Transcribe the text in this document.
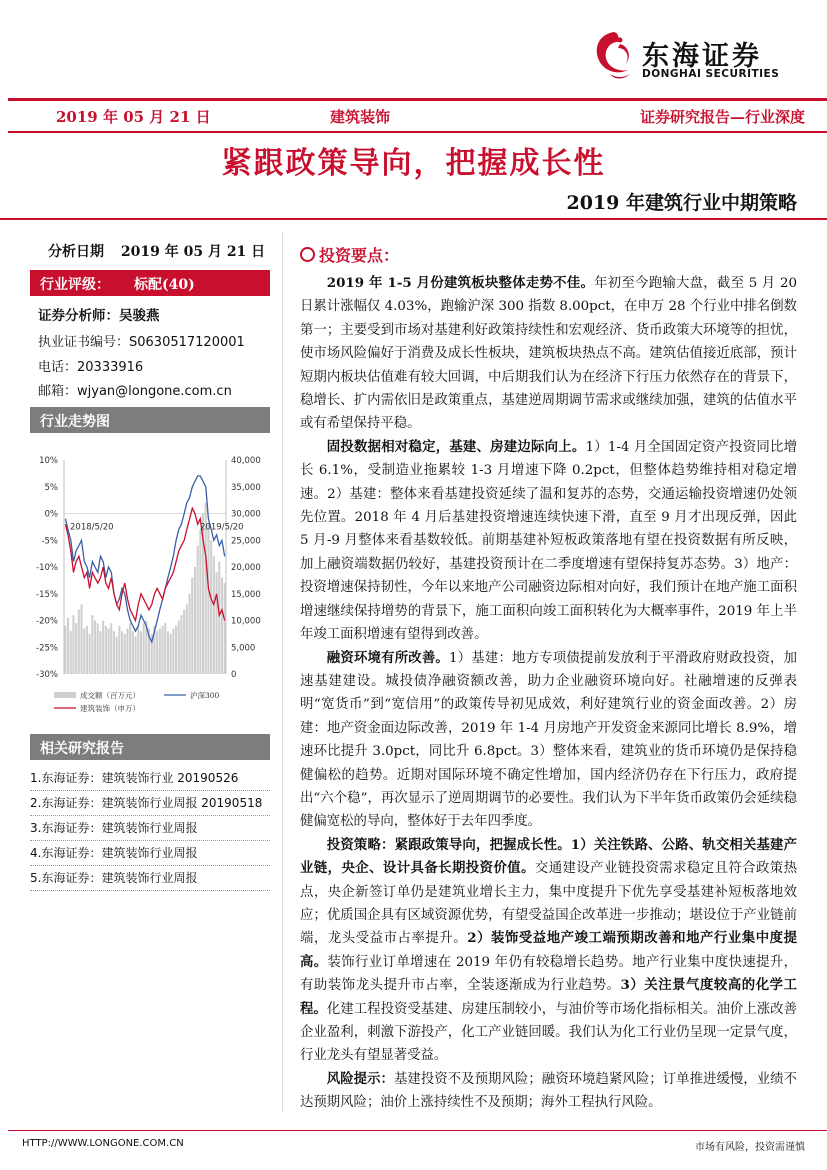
东海证券
DONGHAI SECURITIES
2019 年 05 月 21 日	建筑装饰	证券研究报告—行业深度
紧跟政策导向，把握成长性
2019 年建筑行业中期策略
分析日期 2019 年 05 月 21 日
行业评级： 标配(40)
证券分析师：吴骏燕
执业证书编号：S0630517120001
电话：20333916
邮箱：wjyan@longone.com.cn
行业走势图
10%
5%
0%
-5%
-10%
-15%
-20%
-25%
-30%
40,000
35,000
30,000
25,000
20,000
15,000
10,000
5,000
0
2018/5/20	2019/5/20
成交额（百万元）	沪深300
建筑装饰（申万）
相关研究报告
1.东海证券：建筑装饰行业 20190526
2.东海证券：建筑装饰行业周报 20190518
3.东海证券：建筑装饰行业周报
4.东海证券：建筑装饰行业周报
5.东海证券：建筑装饰行业周报
投资要点：

2019 年 1-5 月份建筑板块整体走势不佳。年初至今跑输大盘，截至 5 月 20 日累计涨幅仅 4.03%，跑输沪深 300 指数 8.00pct，在申万 28 个行业中排名倒数第一；主要受到市场对基建利好政策持续性和宏观经济、货币政策大环境等的担忧，使市场风险偏好于消费及成长性板块，建筑板块热点不高。建筑估值接近底部，预计短期内板块估值难有较大回调，中后期我们认为在经济下行压力依然存在的背景下，稳增长、扩内需依旧是政策重点，基建逆周期调节需求或继续加强，建筑的估值水平或有希望保持平稳。

固投数据相对稳定，基建、房建边际向上。1）1-4 月全国固定资产投资同比增长 6.1%，受制造业拖累较 1-3 月增速下降 0.2pct，但整体趋势维持相对稳定增速。2）基建：整体来看基建投资延续了温和复苏的态势，交通运输投资增速仍处领先位置。2018 年 4 月后基建投资增速连续快速下滑，直至 9 月才出现反弹，因此 5 月-9 月整体来看基数较低。前期基建补短板政策落地有望在投资数据有所反映，加上融资端数据仍较好，基建投资预计在二季度增速有望保持复苏态势。3）地产：投资增速保持韧性，今年以来地产公司融资边际相对向好，我们预计在地产施工面积增速继续保持增势的背景下，施工面积向竣工面积转化为大概率事件，2019 年上半年竣工面积增速有望得到改善。

融资环境有所改善。1）基建：地方专项债提前发放利于平滑政府财政投资，加速基建建设。城投债净融资额改善，助力企业融资环境向好。社融增速的反弹表明“宽货币”到“宽信用”的政策传导初见成效，利好建筑行业的资金面改善。2）房建：地产资金面边际改善，2019 年 1-4 月房地产开发资金来源同比增长 8.9%，增速环比提升 3.0pct，同比升 6.8pct。3）整体来看，建筑业的货币环境仍是保持稳健偏松的趋势。近期对国际环境不确定性增加，国内经济仍存在下行压力，政府提出“六个稳”，再次显示了逆周期调节的必要性。我们认为下半年货币政策仍会延续稳健偏宽松的导向，整体好于去年四季度。

投资策略：紧跟政策导向，把握成长性。1）关注铁路、公路、轨交相关基建产业链，央企、设计具备长期投资价值。交通建设产业链投资需求稳定且符合政策热点，央企新签订单仍是建筑业增长主力，集中度提升下优先享受基建补短板落地效应；优质国企具有区域资源优势，有望受益国企改革进一步推动；堪设位于产业链前端，龙头受益市占率提升。2）装饰受益地产竣工端预期改善和地产行业集中度提高。装饰行业订单增速在 2019 年仍有较稳增长趋势。地产行业集中度快速提升，有助装饰龙头提升市占率，全装逐渐成为行业趋势。3）关注景气度较高的化学工程。化建工程投资受基建、房建压制较小，与油价等市场化指标相关。油价上涨改善企业盈利，刺激下游投产，化工产业链回暖。我们认为化工行业仍呈现一定景气度，行业龙头有望显著受益。

风险提示：基建投资不及预期风险；融资环境趋紧风险；订单推进缓慢，业绩不达预期风险；油价上涨持续性不及预期；海外工程执行风险。

HTTP://WWW.LONGONE.COM.CN	市场有风险，投资需谨慎
